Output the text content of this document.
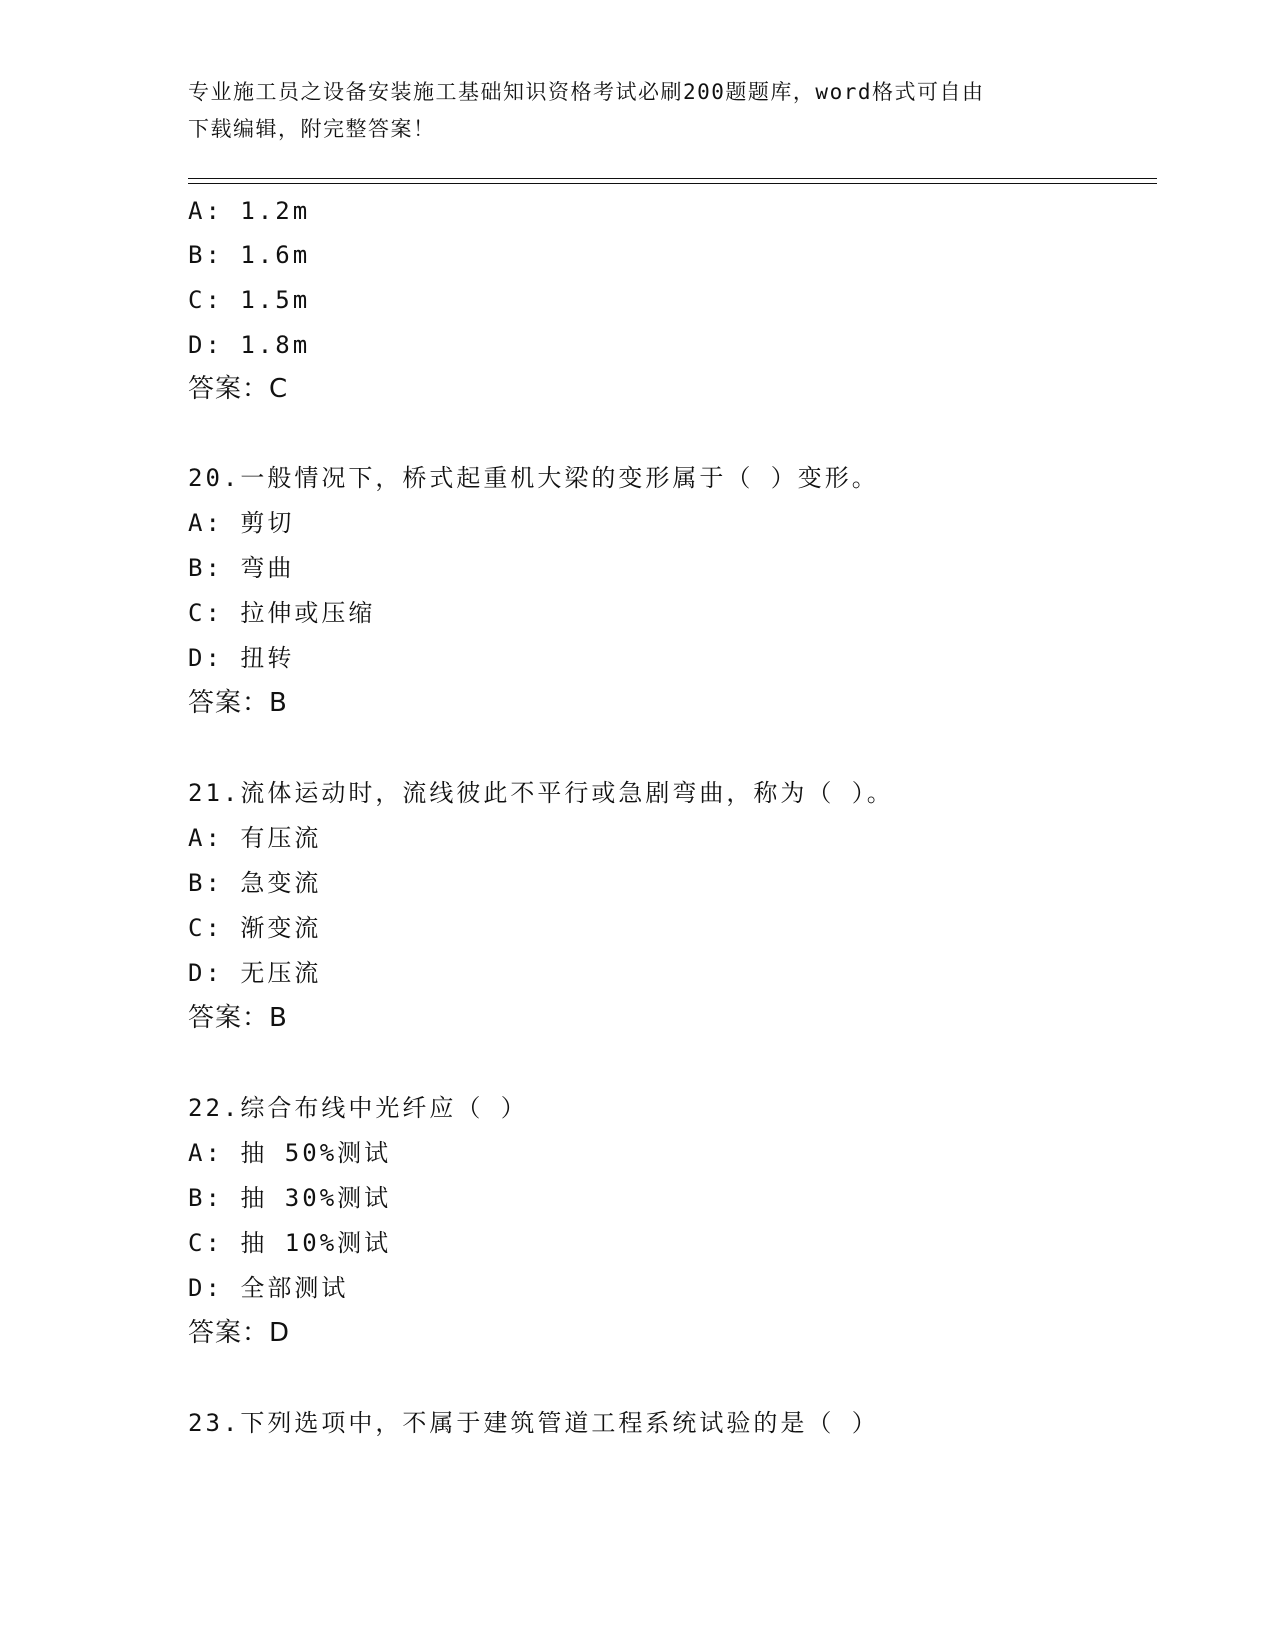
专业施工员之设备安装施工基础知识资格考试必刷200题题库，word格式可自由
下载编辑，附完整答案！
A: 1.2m
B: 1.6m
C: 1.5m
D: 1.8m
答案：C
20.一般情况下，桥式起重机大梁的变形属于（ ）变形。
A: 剪切
B: 弯曲
C: 拉伸或压缩
D: 扭转
答案：B
21.流体运动时，流线彼此不平行或急剧弯曲，称为（ ）。
A: 有压流
B: 急变流
C: 渐变流
D: 无压流
答案：B
22.综合布线中光纤应（ ）
A: 抽 50%测试
B: 抽 30%测试
C: 抽 10%测试
D: 全部测试
答案：D
23.下列选项中，不属于建筑管道工程系统试验的是（ ）
